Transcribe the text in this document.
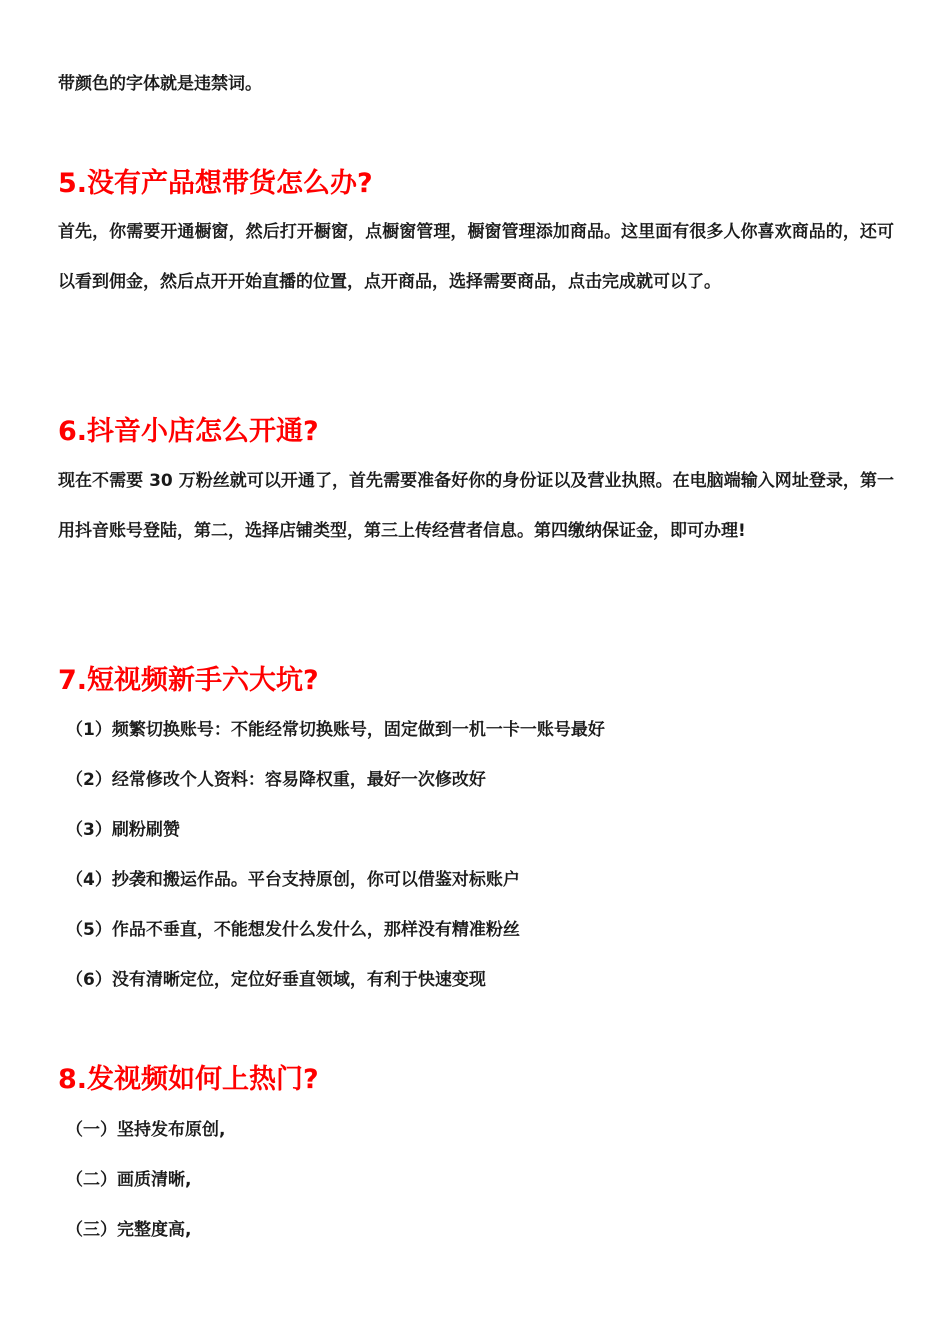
带颜色的字体就是违禁词。

5.没有产品想带货怎么办?

首先，你需要开通橱窗，然后打开橱窗，点橱窗管理，橱窗管理添加商品。这里面有很多人你喜欢商品的，还可以看到佣金，然后点开开始直播的位置，点开商品，选择需要商品，点击完成就可以了。

6.抖音小店怎么开通?

现在不需要 30 万粉丝就可以开通了，首先需要准备好你的身份证以及营业执照。在电脑端输入网址登录，第一用抖音账号登陆，第二，选择店铺类型，第三上传经营者信息。第四缴纳保证金，即可办理!

7.短视频新手六大坑?

（1）频繁切换账号：不能经常切换账号，固定做到一机一卡一账号最好

（2）经常修改个人资料：容易降权重，最好一次修改好

（3）刷粉刷赞

（4）抄袭和搬运作品。平台支持原创，你可以借鉴对标账户

（5）作品不垂直，不能想发什么发什么，那样没有精准粉丝

（6）没有清晰定位，定位好垂直领域，有利于快速变现

8.发视频如何上热门?

（一）坚持发布原创,

（二）画质清晰,

（三）完整度高,
